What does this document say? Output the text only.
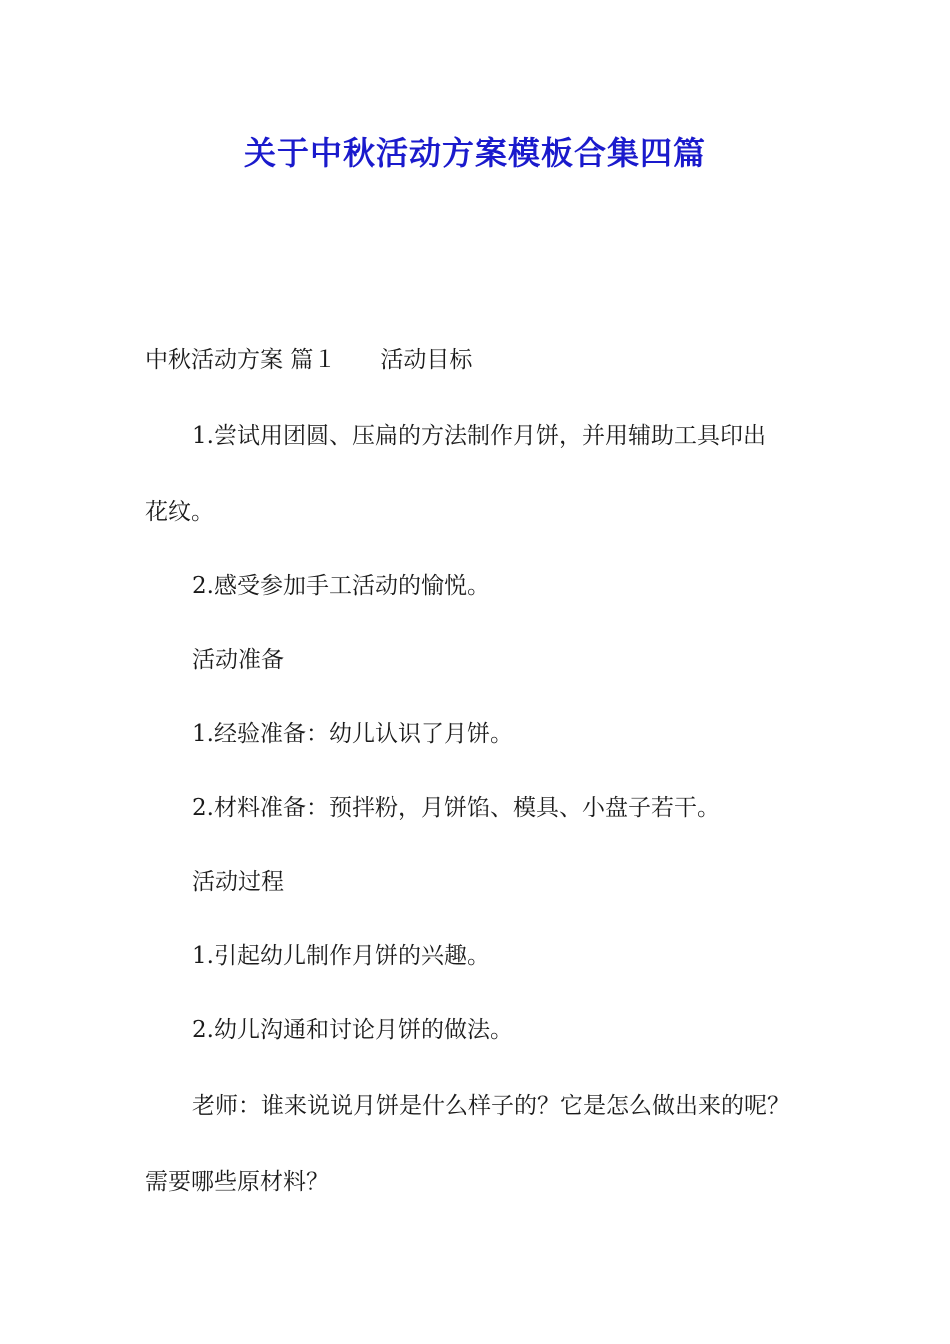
关于中秋活动方案模板合集四篇
中秋活动方案 篇１ 活动目标
1.尝试用团圆、压扁的方法制作月饼，并用辅助工具印出
花纹。
2.感受参加手工活动的愉悦。
活动准备
1.经验准备：幼儿认识了月饼。
2.材料准备：预拌粉，月饼馅、模具、小盘子若干。
活动过程
1.引起幼儿制作月饼的兴趣。
2.幼儿沟通和讨论月饼的做法。
老师：谁来说说月饼是什么样子的？它是怎么做出来的呢？
需要哪些原材料？
